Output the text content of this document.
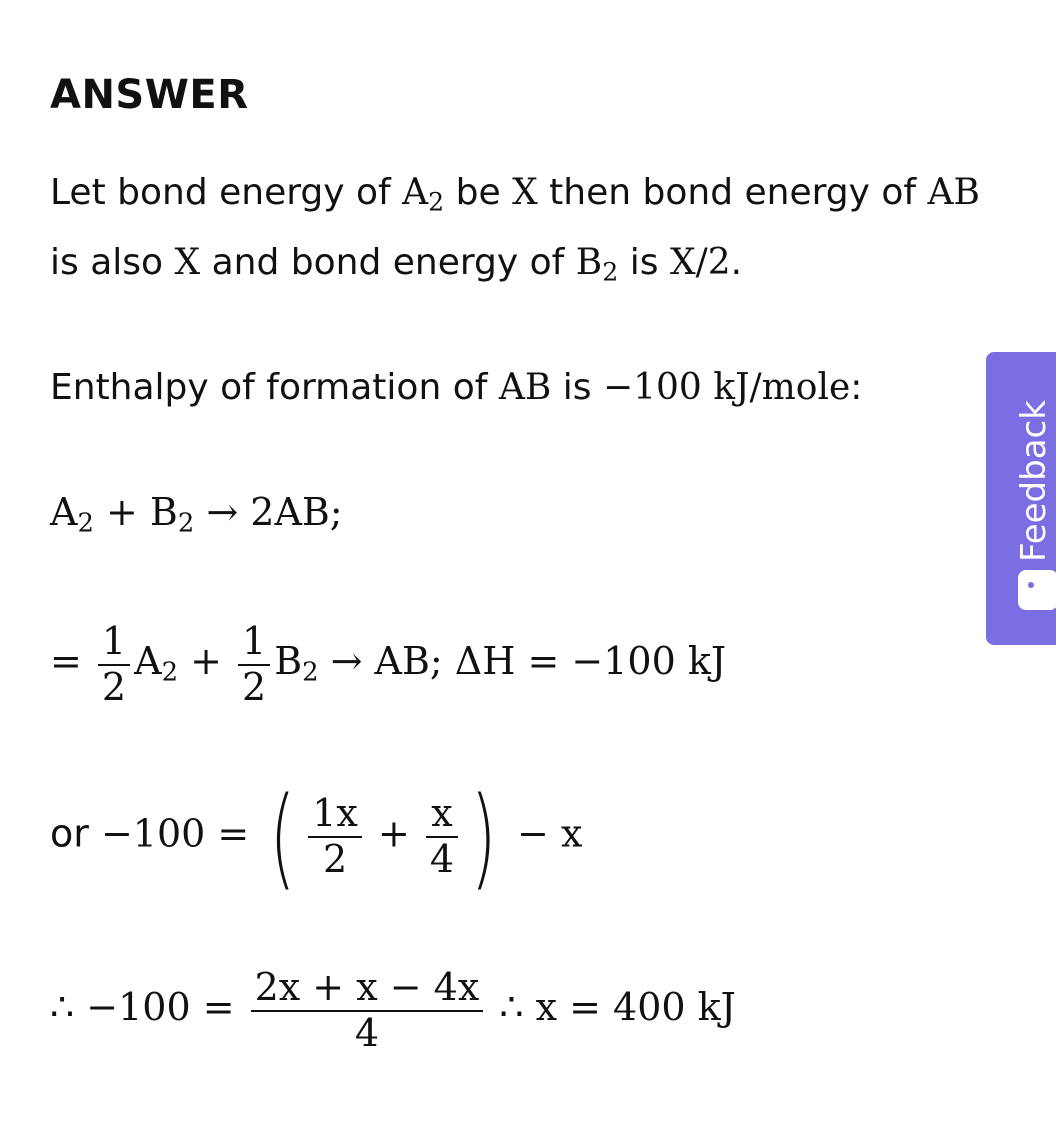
ANSWER
Let bond energy of $A_2$ be X then bond energy of AB
is also X and bond energy of $B_2$ is X/2.
Enthalpy of formation of AB is −100 kJ/mole:
$A_2 + B_2 \to 2AB$;
= $\frac{1}{2} A_2 + \frac{1}{2} B_2$ → AB; ΔH = −100 kJ
or −100 = ( $\frac{1x}{2} + \frac{x}{4}$ ) − x
∴ $-100 = \frac{2x + x - 4x}{4}$ ∴ x = 400 kJ
Feedback
